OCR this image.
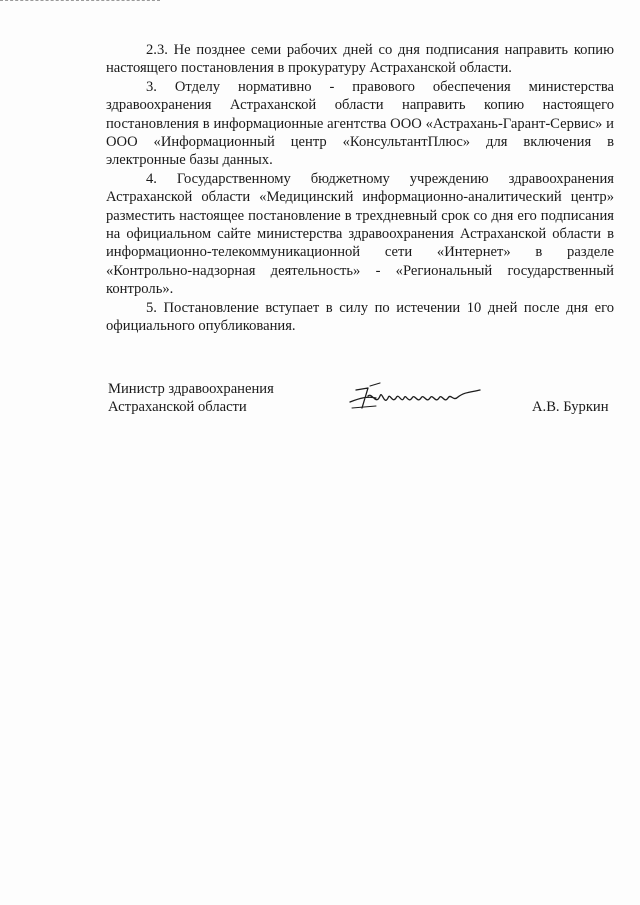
2.3. Не позднее семи рабочих дней со дня подписания направить копию настоящего постановления в прокуратуру Астраханской области.

3. Отделу нормативно - правового обеспечения министерства здравоохранения Астраханской области направить копию настоящего постановления в информационные агентства ООО «Астрахань-Гарант-Сервис» и ООО «Информационный центр «КонсультантПлюс» для включения в электронные базы данных.

4. Государственному бюджетному учреждению здравоохранения Астраханской области «Медицинский информационно-аналитический центр» разместить настоящее постановление в трехдневный срок со дня его подписания на официальном сайте министерства здравоохранения Астраханской области в информационно-телекоммуникационной сети «Интернет» в разделе «Контрольно-надзорная деятельность» - «Региональный государственный контроль».

5. Постановление вступает в силу по истечении 10 дней после дня его официального опубликования.

Министр здравоохранения
Астраханской области	А.В. Буркин
